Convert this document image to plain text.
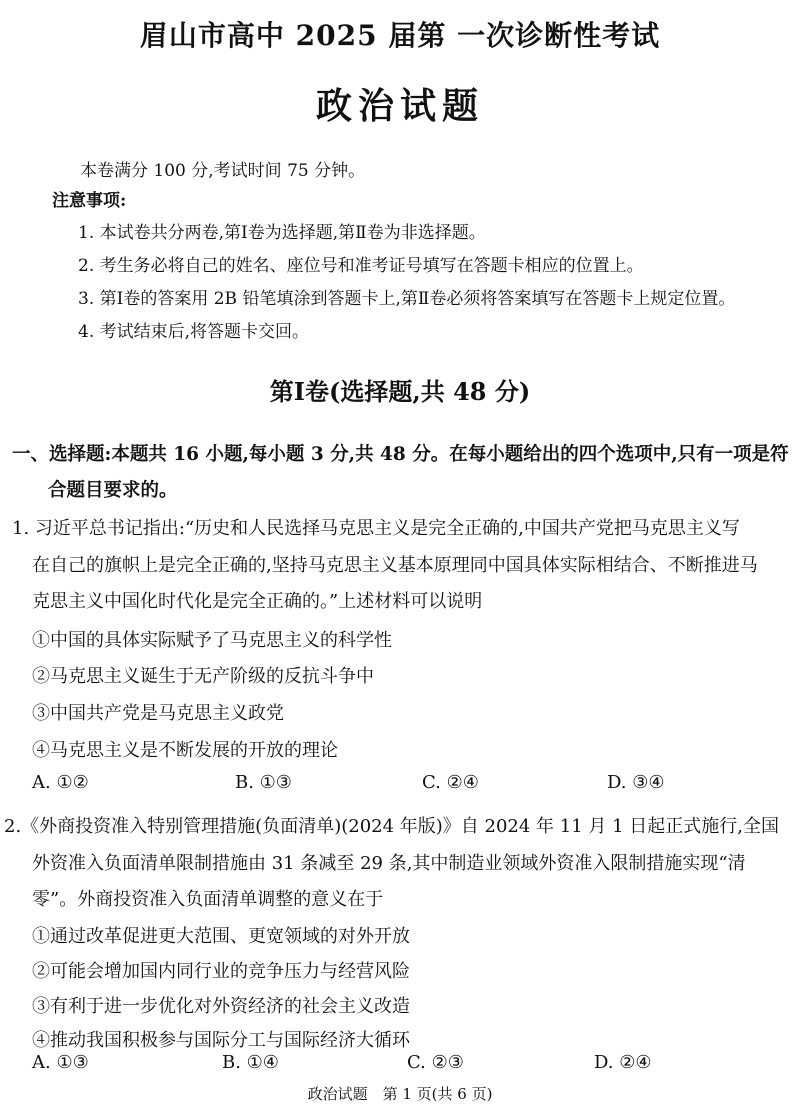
眉山市高中 2025 届第 一次诊断性考试
政治试题
本卷满分 100 分,考试时间 75 分钟。
注意事项:
1. 本试卷共分两卷,第Ⅰ卷为选择题,第Ⅱ卷为非选择题。
2. 考生务必将自己的姓名、座位号和准考证号填写在答题卡相应的位置上。
3. 第Ⅰ卷的答案用 2B 铅笔填涂到答题卡上,第Ⅱ卷必须将答案填写在答题卡上规定位置。
4. 考试结束后,将答题卡交回。
第Ⅰ卷(选择题,共 48 分)
一、选择题:本题共 16 小题,每小题 3 分,共 48 分。在每小题给出的四个选项中,只有一项是符
合题目要求的。
1. 习近平总书记指出:“历史和人民选择马克思主义是完全正确的,中国共产党把马克思主义写
在自己的旗帜上是完全正确的,坚持马克思主义基本原理同中国具体实际相结合、不断推进马
克思主义中国化时代化是完全正确的。”上述材料可以说明
①中国的具体实际赋予了马克思主义的科学性
②马克思主义诞生于无产阶级的反抗斗争中
③中国共产党是马克思主义政党
④马克思主义是不断发展的开放的理论
A. ①②	B. ①③	C. ②④	D. ③④
2.《外商投资准入特别管理措施(负面清单)(2024 年版)》自 2024 年 11 月 1 日起正式施行,全国
外资准入负面清单限制措施由 31 条减至 29 条,其中制造业领域外资准入限制措施实现“清
零”。外商投资准入负面清单调整的意义在于
①通过改革促进更大范围、更宽领域的对外开放
②可能会增加国内同行业的竞争压力与经营风险
③有利于进一步优化对外资经济的社会主义改造
④推动我国积极参与国际分工与国际经济大循环
A. ①③	B. ①④	C. ②③	D. ②④
政治试题　第 1 页(共 6 页)
